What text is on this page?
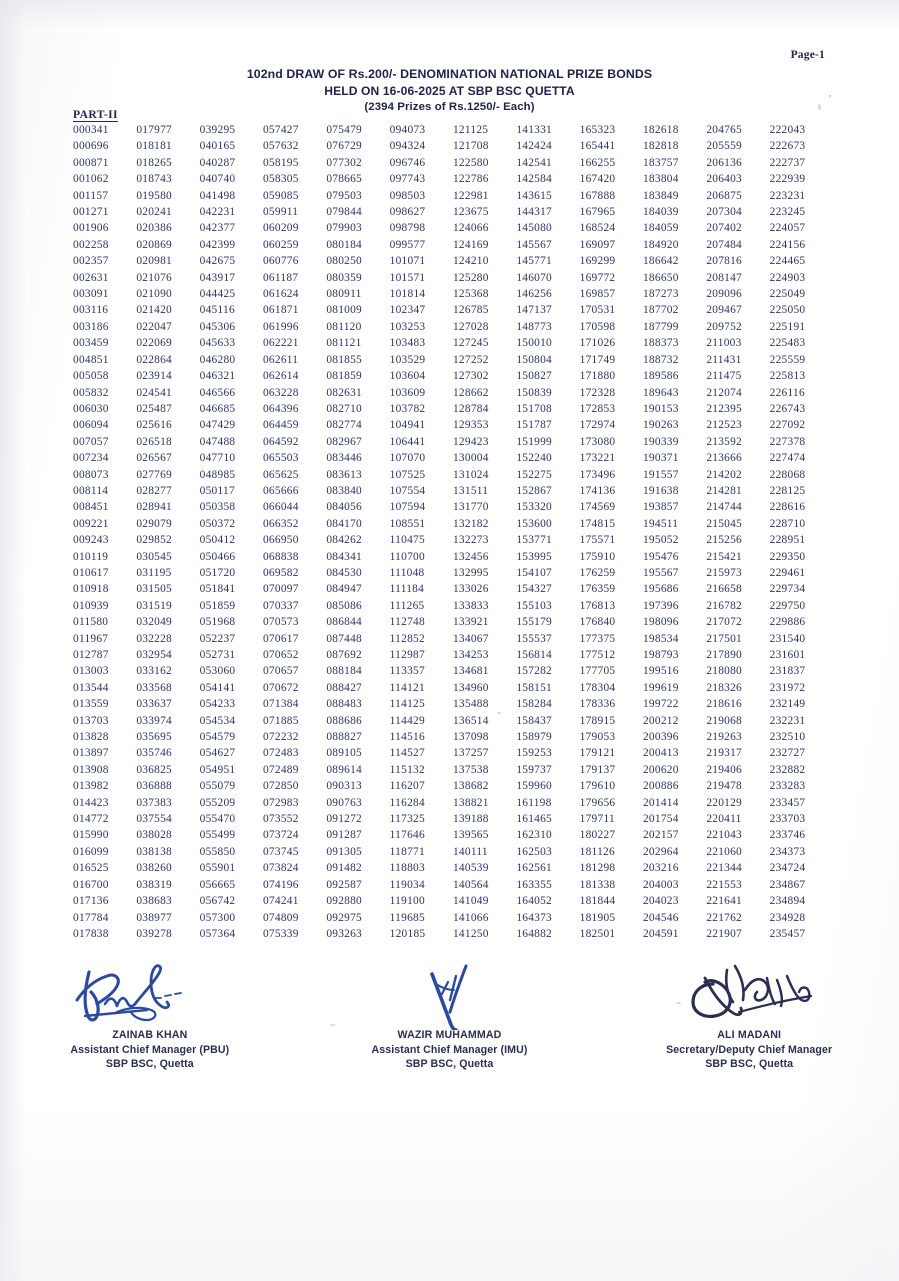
Page-1
102nd DRAW OF Rs.200/- DENOMINATION NATIONAL PRIZE BONDS
HELD ON 16-06-2025 AT SBP BSC QUETTA
(2394 Prizes of Rs.1250/- Each)
'
PART-II
000341
000696
000871
001062
001157
001271
001906
002258
002357
002631
003091
003116
003186
003459
004851
005058
005832
006030
006094
007057
007234
008073
008114
008451
009221
009243
010119
010617
010918
010939
011580
011967
012787
013003
013544
013559
013703
013828
013897
013908
013982
014423
014772
015990
016099
016525
016700
017136
017784
017838
017977
018181
018265
018743
019580
020241
020386
020869
020981
021076
021090
021420
022047
022069
022864
023914
024541
025487
025616
026518
026567
027769
028277
028941
029079
029852
030545
031195
031505
031519
032049
032228
032954
033162
033568
033637
033974
035695
035746
036825
036888
037383
037554
038028
038138
038260
038319
038683
038977
039278
039295
040165
040287
040740
041498
042231
042377
042399
042675
043917
044425
045116
045306
045633
046280
046321
046566
046685
047429
047488
047710
048985
050117
050358
050372
050412
050466
051720
051841
051859
051968
052237
052731
053060
054141
054233
054534
054579
054627
054951
055079
055209
055470
055499
055850
055901
056665
056742
057300
057364
057427
057632
058195
058305
059085
059911
060209
060259
060776
061187
061624
061871
061996
062221
062611
062614
063228
064396
064459
064592
065503
065625
065666
066044
066352
066950
068838
069582
070097
070337
070573
070617
070652
070657
070672
071384
071885
072232
072483
072489
072850
072983
073552
073724
073745
073824
074196
074241
074809
075339
075479
076729
077302
078665
079503
079844
079903
080184
080250
080359
080911
081009
081120
081121
081855
081859
082631
082710
082774
082967
083446
083613
083840
084056
084170
084262
084341
084530
084947
085086
086844
087448
087692
088184
088427
088483
088686
088827
089105
089614
090313
090763
091272
091287
091305
091482
092587
092880
092975
093263
094073
094324
096746
097743
098503
098627
098798
099577
101071
101571
101814
102347
103253
103483
103529
103604
103609
103782
104941
106441
107070
107525
107554
107594
108551
110475
110700
111048
111184
111265
112748
112852
112987
113357
114121
114125
114429
114516
114527
115132
116207
116284
117325
117646
118771
118803
119034
119100
119685
120185
121125
121708
122580
122786
122981
123675
124066
124169
124210
125280
125368
126785
127028
127245
127252
127302
128662
128784
129353
129423
130004
131024
131511
131770
132182
132273
132456
132995
133026
133833
133921
134067
134253
134681
134960
135488
136514
137098
137257
137538
138682
138821
139188
139565
140111
140539
140564
141049
141066
141250
141331
142424
142541
142584
143615
144317
145080
145567
145771
146070
146256
147137
148773
150010
150804
150827
150839
151708
151787
151999
152240
152275
152867
153320
153600
153771
153995
154107
154327
155103
155179
155537
156814
157282
158151
158284
158437
158979
159253
159737
159960
161198
161465
162310
162503
162561
163355
164052
164373
164882
165323
165441
166255
167420
167888
167965
168524
169097
169299
169772
169857
170531
170598
171026
171749
171880
172328
172853
172974
173080
173221
173496
174136
174569
174815
175571
175910
176259
176359
176813
176840
177375
177512
177705
178304
178336
178915
179053
179121
179137
179610
179656
179711
180227
181126
181298
181338
181844
181905
182501
182618
182818
183757
183804
183849
184039
184059
184920
186642
186650
187273
187702
187799
188373
188732
189586
189643
190153
190263
190339
190371
191557
191638
193857
194511
195052
195476
195567
195686
197396
198096
198534
198793
199516
199619
199722
200212
200396
200413
200620
200886
201414
201754
202157
202964
203216
204003
204023
204546
204591
204765
205559
206136
206403
206875
207304
207402
207484
207816
208147
209096
209467
209752
211003
211431
211475
212074
212395
212523
213592
213666
214202
214281
214744
215045
215256
215421
215973
216658
216782
217072
217501
217890
218080
218326
218616
219068
219263
219317
219406
219478
220129
220411
221043
221060
221344
221553
221641
221762
221907
222043
222673
222737
222939
223231
223245
224057
224156
224465
224903
225049
225050
225191
225483
225559
225813
226116
226743
227092
227378
227474
228068
228125
228616
228710
228951
229350
229461
229734
229750
229886
231540
231601
231837
231972
232149
232231
232510
232727
232882
233283
233457
233703
233746
234373
234724
234867
234894
234928
235457
ZAINAB KHAN
Assistant Chief Manager (PBU)
SBP BSC, Quetta
WAZIR MUHAMMAD
Assistant Chief Manager (IMU)
SBP BSC, Quetta
ALI MADANI
Secretary/Deputy Chief Manager
SBP BSC, Quetta
